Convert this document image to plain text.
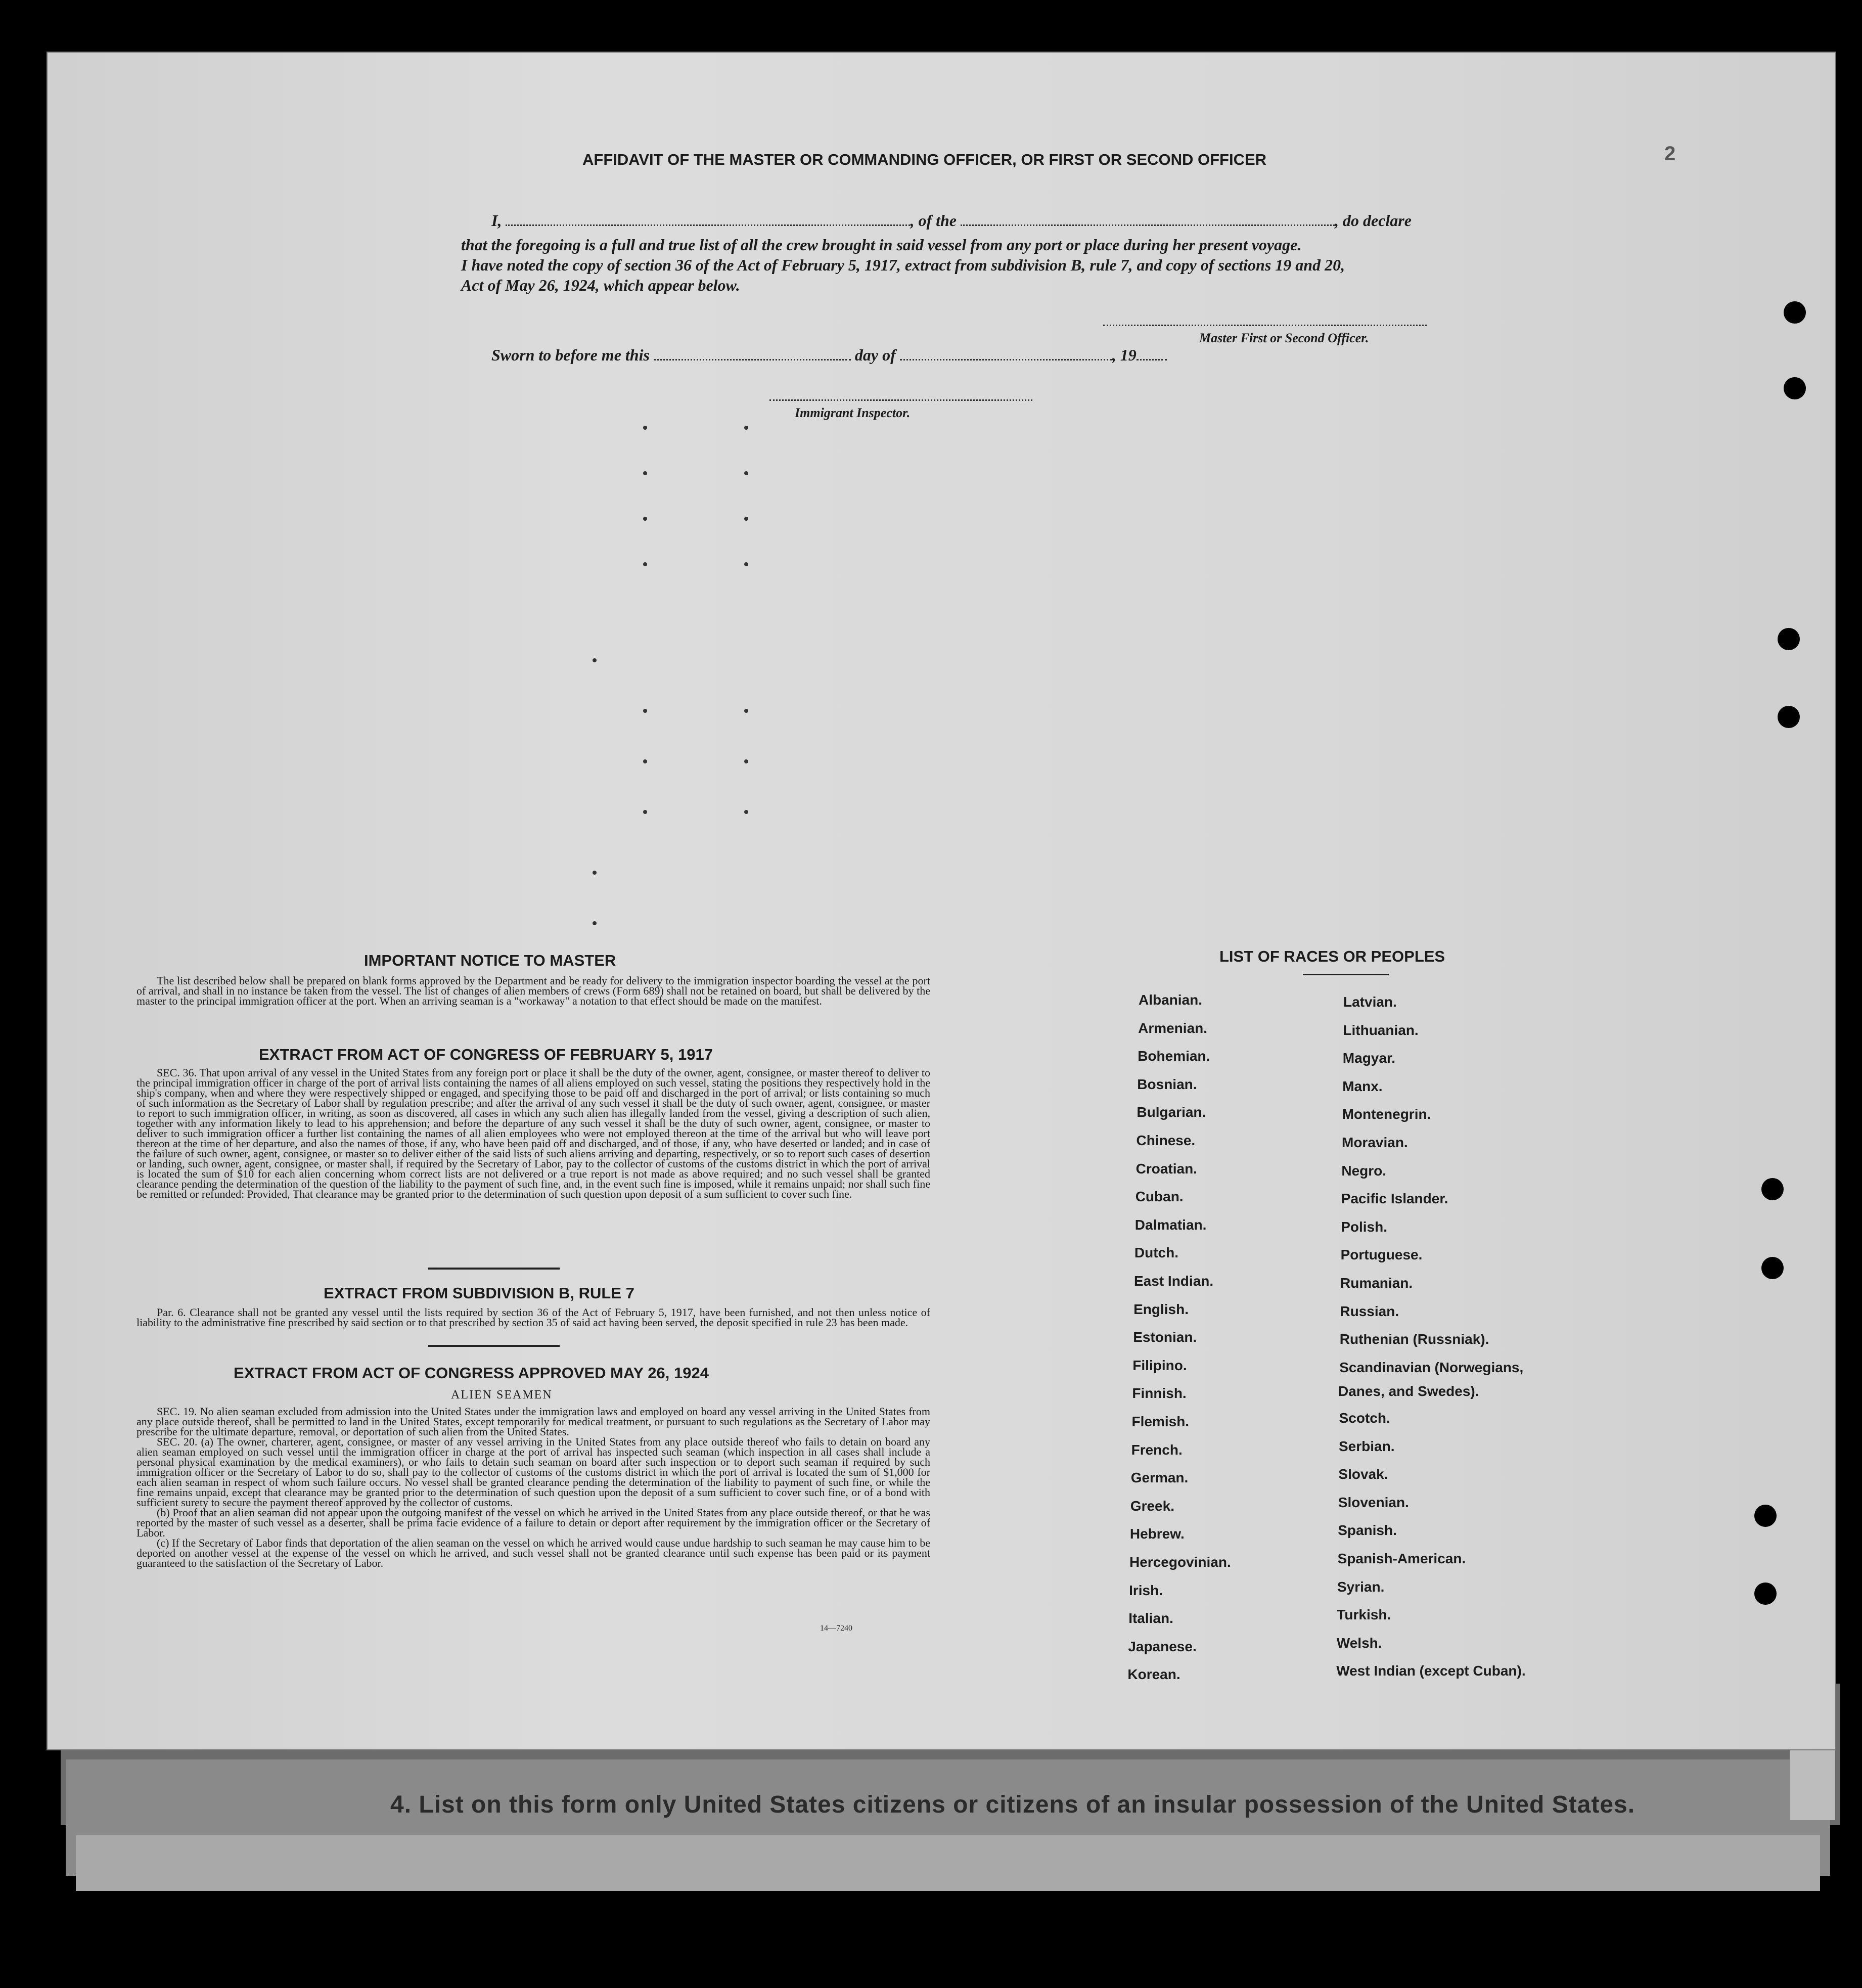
2
AFFIDAVIT OF THE MASTER OR COMMANDING OFFICER, OR FIRST OR SECOND OFFICER
I,	, of the	, do declare
that the foregoing is a full and true list of all the crew brought in said vessel from any port or place during her present voyage.
I have noted the copy of section 36 of the Act of February 5, 1917, extract from subdivision B, rule 7, and copy of sections 19 and 20,
Act of May 26, 1924, which appear below.
Master First or Second Officer.
Sworn to before me this	day of	, 19
Immigrant Inspector.
IMPORTANT NOTICE TO MASTER

The list described below shall be prepared on blank forms approved by the Department and be ready for delivery to the immigration inspector boarding the vessel at the port of arrival, and shall in no instance be taken from the vessel. The list of changes of alien members of crews (Form 689) shall not be retained on board, but shall be delivered by the master to the principal immigration officer at the port. When an arriving seaman is a "workaway" a notation to that effect should be made on the manifest.

EXTRACT FROM ACT OF CONGRESS OF FEBRUARY 5, 1917

SEC. 36. That upon arrival of any vessel in the United States from any foreign port or place it shall be the duty of the owner, agent, consignee, or master thereof to deliver to the principal immigration officer in charge of the port of arrival lists containing the names of all aliens employed on such vessel, stating the positions they respectively hold in the ship's company, when and where they were respectively shipped or engaged, and specifying those to be paid off and discharged in the port of arrival; or lists containing so much of such information as the Secretary of Labor shall by regulation prescribe; and after the arrival of any such vessel it shall be the duty of such owner, agent, consignee, or master to report to such immigration officer, in writing, as soon as discovered, all cases in which any such alien has illegally landed from the vessel, giving a description of such alien, together with any information likely to lead to his apprehension; and before the departure of any such vessel it shall be the duty of such owner, agent, consignee, or master to deliver to such immigration officer a further list containing the names of all alien employees who were not employed thereon at the time of the arrival but who will leave port thereon at the time of her departure, and also the names of those, if any, who have been paid off and discharged, and of those, if any, who have deserted or landed; and in case of the failure of such owner, agent, consignee, or master so to deliver either of the said lists of such aliens arriving and departing, respectively, or so to report such cases of desertion or landing, such owner, agent, consignee, or master shall, if required by the Secretary of Labor, pay to the collector of customs of the customs district in which the port of arrival is located the sum of $10 for each alien concerning whom correct lists are not delivered or a true report is not made as above required; and no such vessel shall be granted clearance pending the determination of the question of the liability to the payment of such fine, and, in the event such fine is imposed, while it remains unpaid; nor shall such fine be remitted or refunded: Provided, That clearance may be granted prior to the determination of such question upon deposit of a sum sufficient to cover such fine.

EXTRACT FROM SUBDIVISION B, RULE 7

Par. 6. Clearance shall not be granted any vessel until the lists required by section 36 of the Act of February 5, 1917, have been furnished, and not then unless notice of liability to the administrative fine prescribed by said section or to that prescribed by section 35 of said act having been served, the deposit specified in rule 23 has been made.

EXTRACT FROM ACT OF CONGRESS APPROVED MAY 26, 1924
ALIEN SEAMEN

SEC. 19. No alien seaman excluded from admission into the United States under the immigration laws and employed on board any vessel arriving in the United States from any place outside thereof, shall be permitted to land in the United States, except temporarily for medical treatment, or pursuant to such regulations as the Secretary of Labor may prescribe for the ultimate departure, removal, or deportation of such alien from the United States.

SEC. 20. (a) The owner, charterer, agent, consignee, or master of any vessel arriving in the United States from any place outside thereof who fails to detain on board any alien seaman employed on such vessel until the immigration officer in charge at the port of arrival has inspected such seaman (which inspection in all cases shall include a personal physical examination by the medical examiners), or who fails to detain such seaman on board after such inspection or to deport such seaman if required by such immigration officer or the Secretary of Labor to do so, shall pay to the collector of customs of the customs district in which the port of arrival is located the sum of $1,000 for each alien seaman in respect of whom such failure occurs. No vessel shall be granted clearance pending the determination of the liability to payment of such fine, or while the fine remains unpaid, except that clearance may be granted prior to the determination of such question upon the deposit of a sum sufficient to cover such fine, or of a bond with sufficient surety to secure the payment thereof approved by the collector of customs.

(b) Proof that an alien seaman did not appear upon the outgoing manifest of the vessel on which he arrived in the United States from any place outside thereof, or that he was reported by the master of such vessel as a deserter, shall be prima facie evidence of a failure to detain or deport after requirement by the immigration officer or the Secretary of Labor.

(c) If the Secretary of Labor finds that deportation of the alien seaman on the vessel on which he arrived would cause undue hardship to such seaman he may cause him to be deported on another vessel at the expense of the vessel on which he arrived, and such vessel shall not be granted clearance until such expense has been paid or its payment guaranteed to the satisfaction of the Secretary of Labor.

14—7240
LIST OF RACES OR PEOPLES
Danes, and Swedes).
4. List on this form only United States citizens or citizens of an insular possession of the United States.
Albanian.
Armenian.
Bohemian.
Bosnian.
Bulgarian.
Chinese.
Croatian.
Cuban.
Dalmatian.
Dutch.
East Indian.
English.
Estonian.
Filipino.
Finnish.
Flemish.
French.
German.
Greek.
Hebrew.
Hercegovinian.
Irish.
Italian.
Japanese.
Korean.
Latvian.
Lithuanian.
Magyar.
Manx.
Montenegrin.
Moravian.
Negro.
Pacific Islander.
Polish.
Portuguese.
Rumanian.
Russian.
Ruthenian (Russniak).
Scandinavian (Norwegians,
Scotch.
Serbian.
Slovak.
Slovenian.
Spanish.
Spanish-American.
Syrian.
Turkish.
Welsh.
West Indian (except Cuban).
